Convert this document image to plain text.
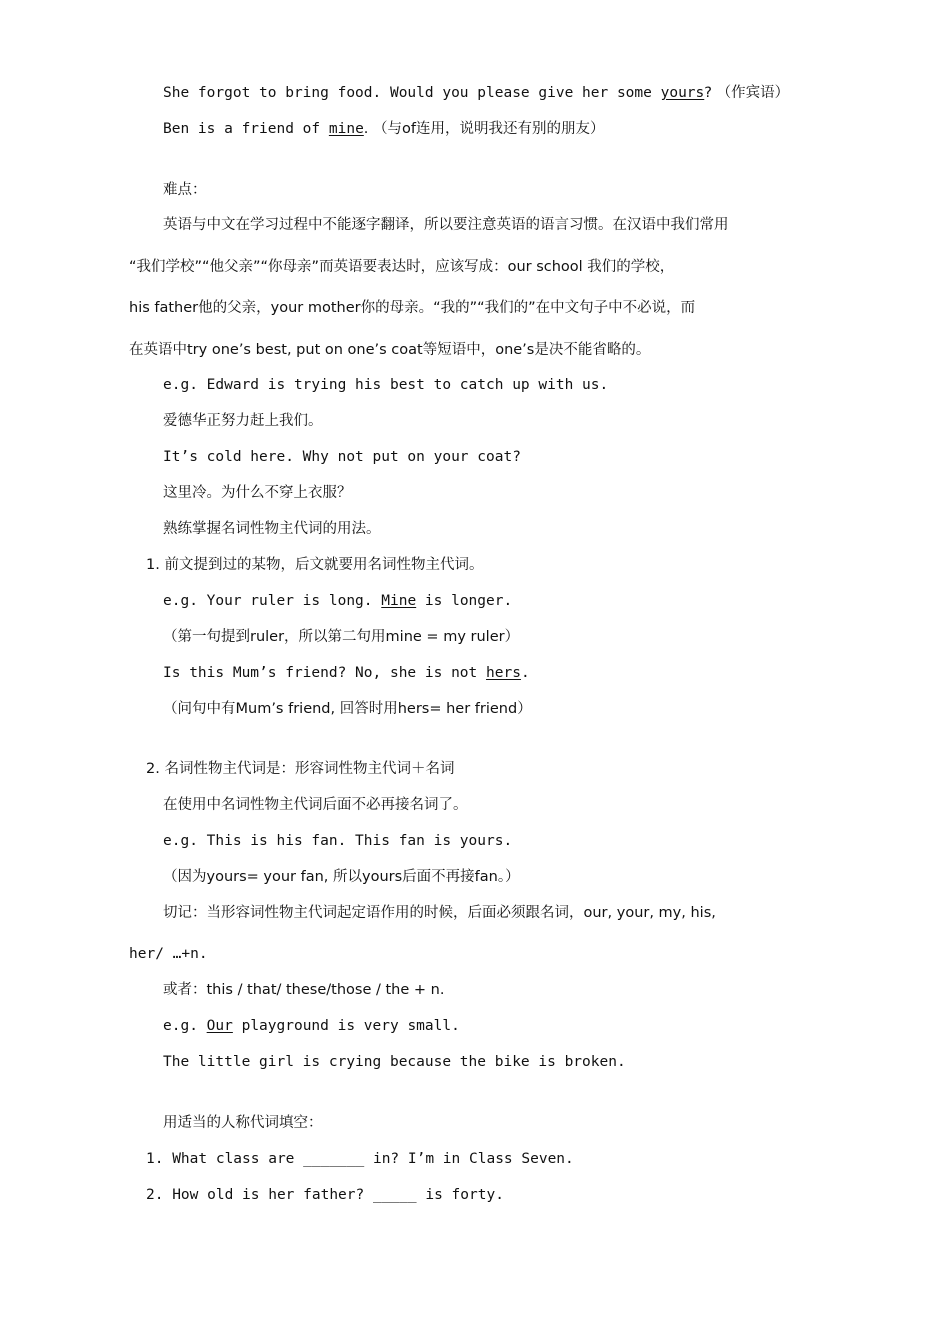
She forgot to bring food. Would you please give her some yours? （作宾语）
Ben is a friend of mine. （与of连用，说明我还有别的朋友）
难点：
英语与中文在学习过程中不能逐字翻译，所以要注意英语的语言习惯。在汉语中我们常用
“我们学校”“他父亲”“你母亲”而英语要表达时，应该写成：our school 我们的学校，
his father他的父亲，your mother你的母亲。“我的”“我们的”在中文句子中不必说，而
在英语中try one’s best, put on one’s coat等短语中，one’s是决不能省略的。
e.g. Edward is trying his best to catch up with us.
爱德华正努力赶上我们。
It’s cold here. Why not put on your coat?
这里冷。为什么不穿上衣服？
熟练掌握名词性物主代词的用法。
1. 前文提到过的某物，后文就要用名词性物主代词。
e.g. Your ruler is long. Mine is longer.
（第一句提到ruler，所以第二句用mine = my ruler）
Is this Mum’s friend? No, she is not hers.
（问句中有Mum’s friend, 回答时用hers= her friend）
2. 名词性物主代词是：形容词性物主代词＋名词
在使用中名词性物主代词后面不必再接名词了。
e.g. This is his fan. This fan is yours.
（因为yours= your fan, 所以yours后面不再接fan。）
切记：当形容词性物主代词起定语作用的时候，后面必须跟名词，our, your, my, his,
her/ …+n.
或者：this / that/ these/those / the + n.
e.g. Our playground is very small.
The little girl is crying because the bike is broken.
用适当的人称代词填空：
1. What class are _______ in? I’m in Class Seven.
2. How old is her father? _____ is forty.
